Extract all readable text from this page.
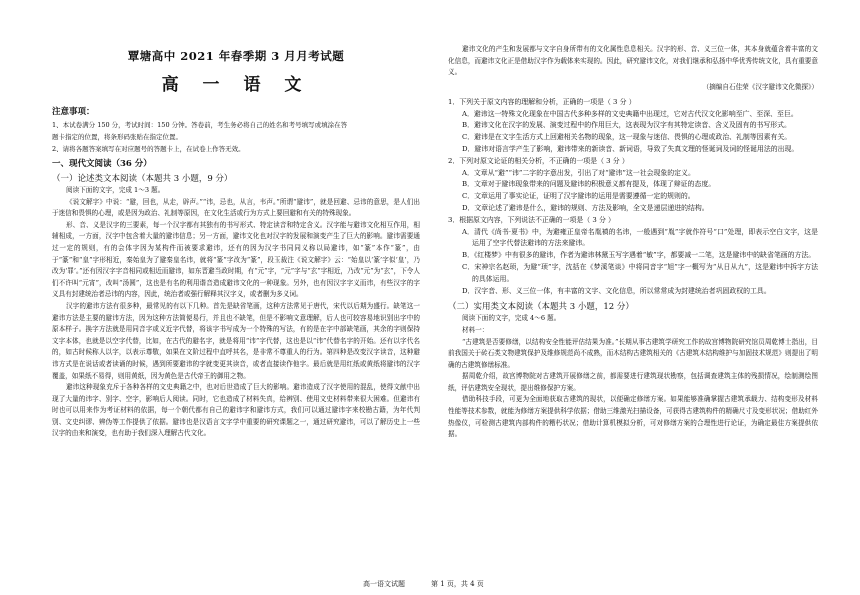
覃塘高中 2021 年春季期 3 月月考试题
高 一 语 文
注意事项：
1、本试卷满分 150 分，考试时间：150 分钟。答卷前，考生务必将自己的姓名和考号填写或填涂在答
题卡指定的位置，将条形码张贴在指定位置。
2、请将各题答案填写在对应题号的答题卡上，在试卷上作答无效。
一、现代文阅读（36 分）
（一）论述类文本阅读（本题共 3 小题，9 分）

阅读下面的文字，完成 1～3 题。

《说文解字》中说：“避，回也，从走，辟声。”“讳，忌也，从言，韦声。”所谓“避讳”，就是回避、忌讳的意思，是人们出于迷信和畏惧的心理，或是因为政治、礼制等原因，在文化生活或行为方式上要回避和有关的特殊现象。

形、音、义是汉字的三要素，每一个汉字都有其独有的书写形式、特定读音和特定含义。汉字能与避讳文化相互作用，相辅相成，一方面，汉字中包含着大量的避讳信息；另一方面，避讳文化也对汉字的发展和演变产生了巨大的影响。避讳需要通过一定的规则，有的会体字因为某构件而被要求避讳，还有的因为汉字书同同义称以局避讳，如“篆”本作“篆”，由于“篆”和“皇”字形相近，秦始皇为了避秦皇名讳，就将“篆”字改为“篆”，段玉裁注《说文解字》云：“始皇以‘篆’字似‘皇’，乃改为‘罪’。”还有因汉字字音相同或相近而避讳，如东晋避当政时期，有“元”字，“元”字与“玄”字相近，乃改“元”为“玄”，下令人们不许叫“元宵”，改叫“汤圆”，这也是有名的利用谐音造成避讳文化的一种现象。另外，也有因汉字字义而讳，有些汉字的字义具有封建统治者忌讳的内容，因此，统治者或强行解释其汉字义，或者删为多义词。

汉字的避讳方法有很多种，最常见的有以下几种。首先是缺省笔画，这种方法常见于唐代，宋代以后期为盛行。缺笔这一避讳方法是主要的避讳方法，因为这种方法简便易行，并且也不缺笔，但是不影响文意理解，后人也可较容易地识别出字中的原本样子。换字方法就是用同音字或义近字代替，将该字书写成为一个特殊的写法，有的是在字中部缺笔画，其余的字则保持文字本体，也就是以空字代替，比如，在古代的避名字，就是将用“讳”字代替，这也是以“讳”代替名字的开始。还有以字代名的，如古时候称人以字，以表示尊敬，如果在文阶过程中直呼其名，是非常不尊重人的行为。第四种是改变汉字读音，这种避讳方式是在说话或者读诵的时候，遇到所要避讳的字就变更其读音，或者直接读作他字。最后就是用红纸或黄纸将避讳的汉字覆盖，如果纸不易得，则用黄纸，因为黄色是古代帝王的御用之物。

避讳这种现象充斥于各种各样的文史典籍之中，也对后世造成了巨大的影响。避讳造成了汉字使用的混乱，使得文献中出现了大量的讳字、别字、空字，影响后人阅读。同时，它也造成了材料失真，给辨别、使用文史材料带来很大困难。但避讳有时也可以用来作为考证材料的依据，每一个朝代都有自己的避讳字和避讳方式，我们可以通过避讳字来校勘古籍，为年代判别、文史纠谬、辨伪等工作提供了依据。避讳也是汉语言文字学中重要的研究课题之一，通过研究避讳，可以了解历史上一些汉字的由来和演变，也有助于我们深入理解古代文化。

避讳文化的产生和发展都与文字自身所带有的文化属性息息相关。汉字的形、音、义三位一体，其本身就蕴含着丰富的文化信息，而避讳文化正是借助汉字作为载体来实现的。因此，研究避讳文化，对我们继承和弘扬中华优秀传统文化，具有重要意义。

（摘编自石佳荣《汉字避讳文化微探》）
1．下列关于原文内容的理解和分析，正确的一项是（ 3 分 ）
A．避讳这一特殊文化现象在中国古代多种多样的文史典籍中出现过，它对古代汉文化影响至广、至深、至巨。
B．避讳文化在汉字的发展、演变过程中的作用巨大，这表现为汉字有其特定读音、含义及固有的书写形式。
C．避讳是在文字生活方式上回避相关名物的现象，这一现象与迷信、畏惧的心理或政治、礼制等因素有关。
D．避讳对语言学产生了影响，避讳带来的新读音、新词语，导致了失真文理的怪诞词及词的怪诞用法的出现。
2．下列对原文论证的相关分析，不正确的一项是（ 3 分 ）
A．文章从“避”“讳”二字的字意出发，引出了对“避讳”这一社会现象的定义。
B．文章对于避讳现象带来的问题及避讳的积极意义都有提及，体现了辩证的态度。
C．文章运用了事实论证，证明了汉字避讳的运用是需要遵循一定的规则的。
D．文章论述了避讳是什么，避讳的规则、方法及影响，全文是递层递进的结构。
3．根据原文内容，下列说法不正确的一项是（ 3 分 ）
A．清代《尚书·夏书》中，为避雍正皇帝名胤禛的名讳，一般遇到“胤”字就作符号“口”处理，即表示空白文字，这是运用了空字代替法避讳的方法来避讳。
B．《红楼梦》中有很多的避讳，作者为避讳林黛玉写字遇着“敏”字，都要减一二笔，这是避讳中的缺省笔画的方法。
C．宋神宗名赵顼，为避“顼”字，沈括在《梦溪笔谈》中将同音字“旭”字一概写为“从日从九”，这是避讳中拆字方法的具体运用。
D．汉字音、形、义三位一体，有丰富的文字、文化信息，所以常常成为封建统治者巩固政权的工具。
（二）实用类文本阅读（本题共 3 小题，12 分）

阅读下面的文字，完成 4～6 题。

材料一：

“古建筑是否要修缮，以结构安全性能评估结果为准。”长期从事古建筑学研究工作的故宫博物院研究馆员周乾博士指出，目前我国关于砖石类文物建筑保护及维修规范尚不成熟，而木结构古建筑相关的《古建筑木结构维护与加固技术规范》则提出了明确的古建筑修缮标准。

据周乾介绍，故宫博物院对古建筑开展修缮之前，都需要进行建筑现状勘察，包括调查建筑主体的残损情况，绘制测绘图纸，评估建筑安全现状，提出维修保护方案。

借助科技手段，可更为全面地获取古建筑的现状，以便确定修缮方案。如果能够准确掌握古建筑承载力、结构变形及材料性能等技术参数，就能为修缮方案提供科学依据；借助三维激光扫描设备，可获得古建筑构件的精确尺寸及变形状况；借助红外热像仪，可检测古建筑内部构件的糟朽状况；借助计算机模拟分析，可对修缮方案的合理性进行论证，为确定最佳方案提供依据。

高一语文试题	第 1 页，共 4 页
